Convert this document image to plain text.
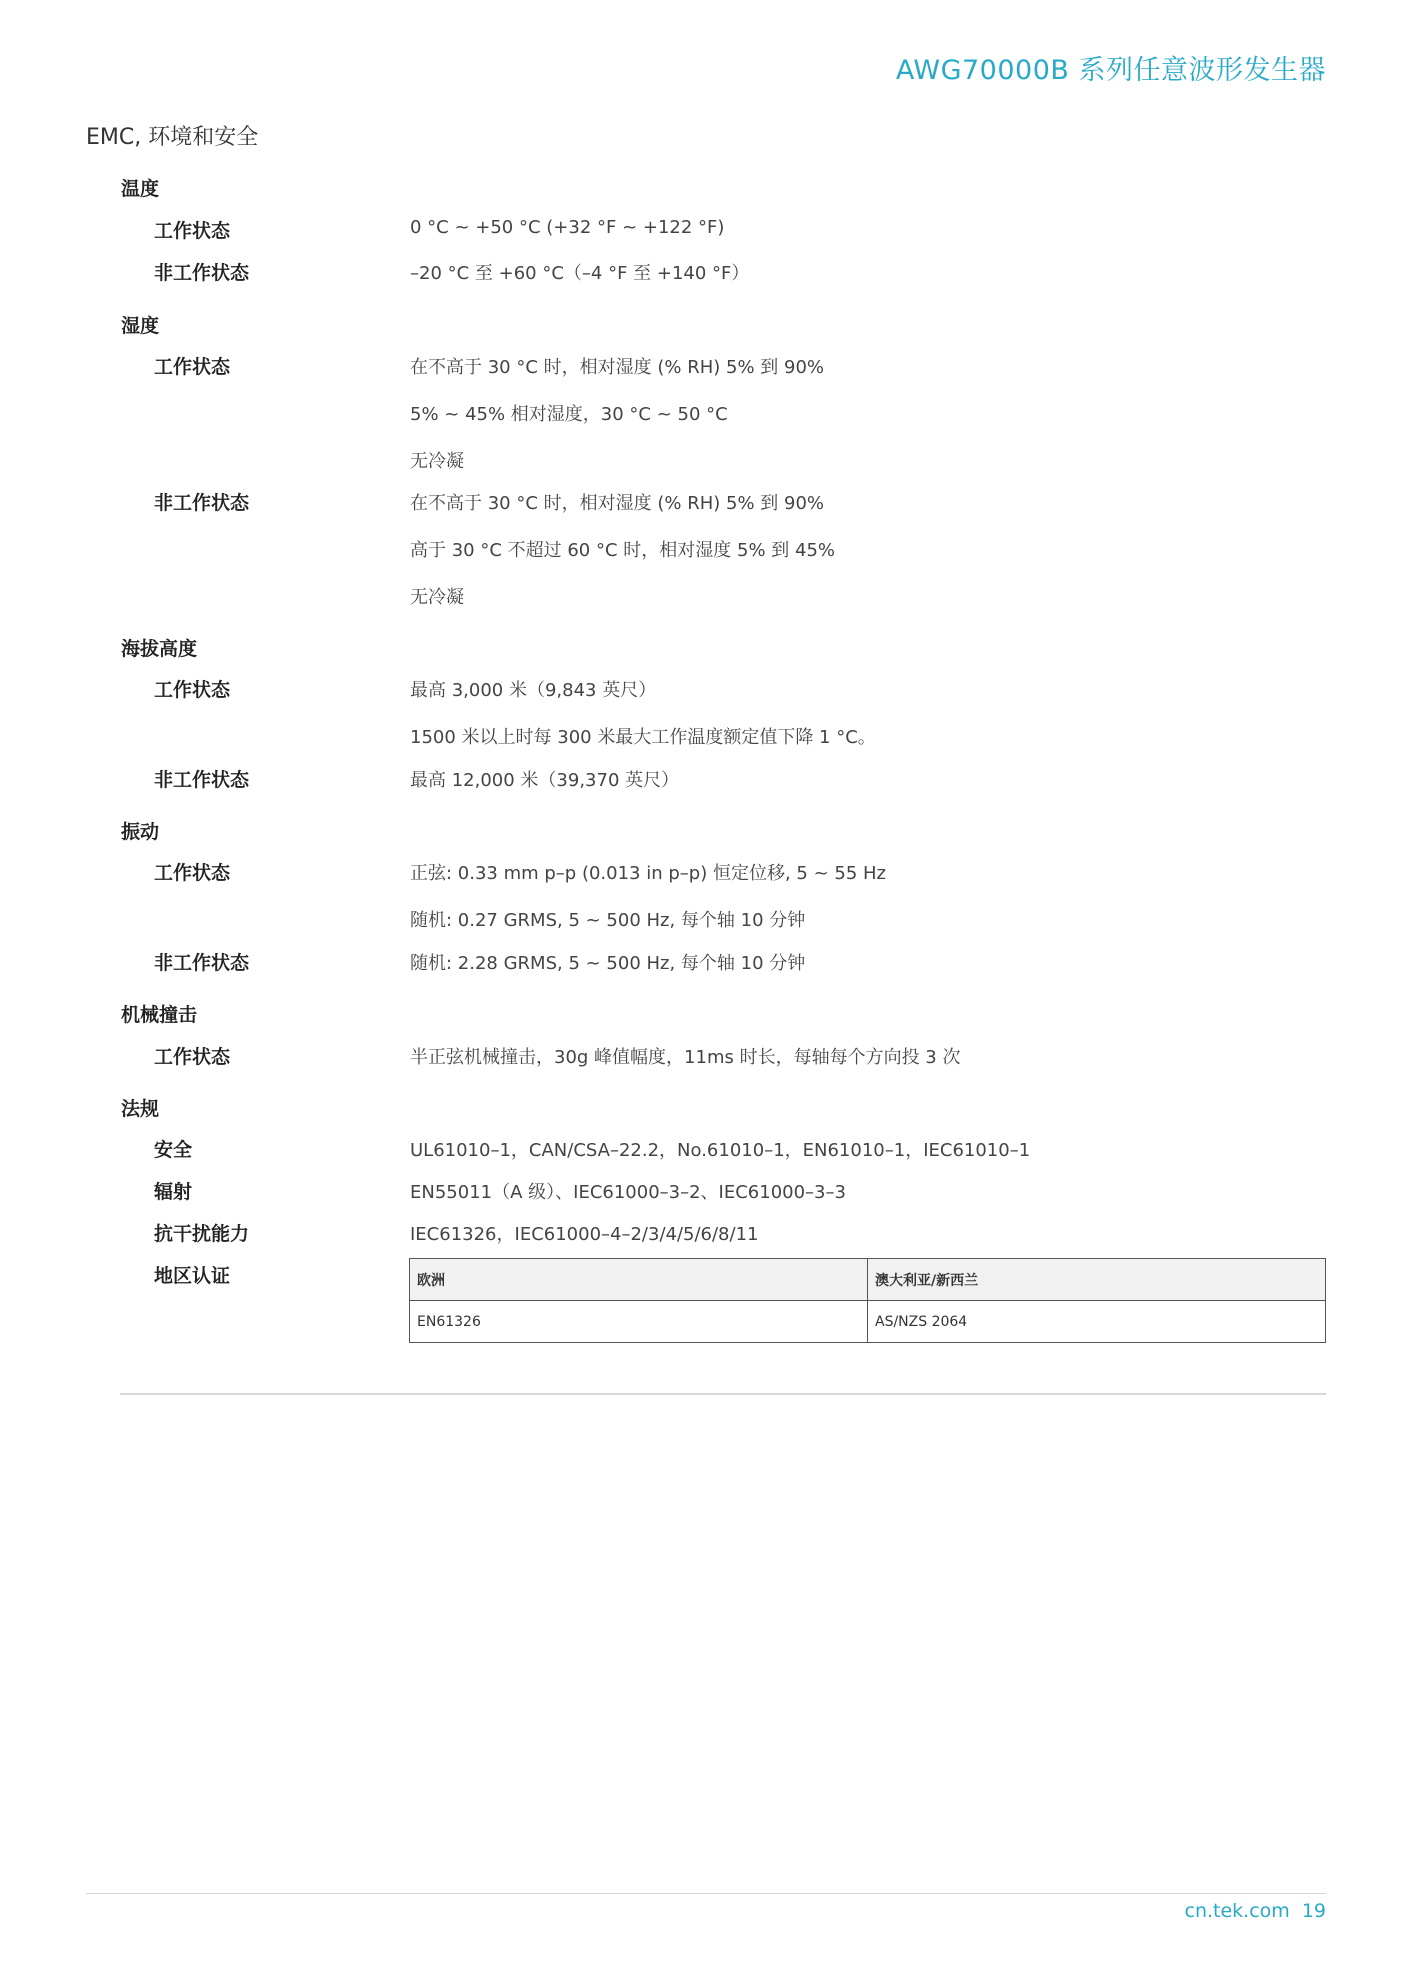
AWG70000B 系列任意波形发生器
EMC, 环境和安全
温度
工作状态	0 °C ~ +50 °C (+32 °F ~ +122 °F)
非工作状态	–20 °C 至 +60 °C（–4 °F 至 +140 °F）
湿度
工作状态	在不高于 30 °C 时，相对湿度 (% RH) 5% 到 90%
5% ~ 45% 相对湿度，30 °C ~ 50 °C
无冷凝
非工作状态	在不高于 30 °C 时，相对湿度 (% RH) 5% 到 90%
高于 30 °C 不超过 60 °C 时，相对湿度 5% 到 45%
无冷凝
海拔高度
工作状态	最高 3,000 米（9,843 英尺）
1500 米以上时每 300 米最大工作温度额定值下降 1 °C。
非工作状态	最高 12,000 米（39,370 英尺）
振动
工作状态	正弦: 0.33 mm p–p (0.013 in p–p) 恒定位移, 5 ~ 55 Hz
随机: 0.27 GRMS, 5 ~ 500 Hz, 每个轴 10 分钟
非工作状态	随机: 2.28 GRMS, 5 ~ 500 Hz, 每个轴 10 分钟
机械撞击
工作状态	半正弦机械撞击，30g 峰值幅度，11ms 时长，每轴每个方向投 3 次
法规
安全	UL61010–1，CAN/CSA–22.2，No.61010–1，EN61010–1，IEC61010–1
辐射	EN55011（A 级）、IEC61000–3–2、IEC61000–3–3
抗干扰能力	IEC61326，IEC61000–4–2/3/4/5/6/8/11
地区认证	欧洲	澳大利亚/新西兰
EN61326	AS/NZS 2064
cn.tek.com 19
